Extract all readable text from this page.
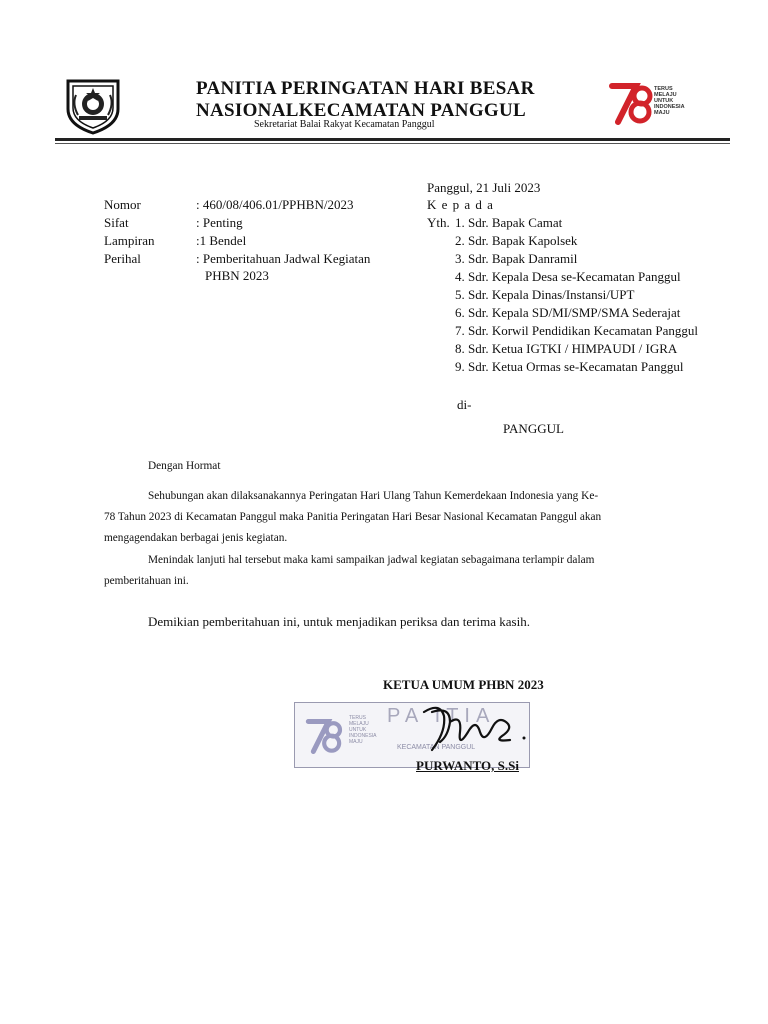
PANITIA PERINGATAN HARI BESAR
NASIONALKECAMATAN PANGGUL
Sekretariat Balai Rakyat Kecamatan Panggul
TERUS
MELAJU
UNTUK
INDONESIA
MAJU
Nomor	: 460/08/406.01/PPHBN/2023
Sifat	: Penting
Lampiran	:1 Bendel
Perihal	: Pemberitahuan Jadwal Kegiatan
PHBN 2023
Panggul, 21 Juli 2023
K e p a d a
Yth. 1. Sdr. Bapak Camat
2. Sdr. Bapak Kapolsek
3. Sdr. Bapak Danramil
4. Sdr. Kepala Desa se-Kecamatan Panggul
5. Sdr. Kepala Dinas/Instansi/UPT
6. Sdr. Kepala SD/MI/SMP/SMA Sederajat
7. Sdr. Korwil Pendidikan Kecamatan Panggul
8. Sdr. Ketua IGTKI / HIMPAUDI / IGRA
9. Sdr. Ketua Ormas se-Kecamatan Panggul
di-
PANGGUL
Dengan Hormat
Sehubungan akan dilaksanakannya Peringatan Hari Ulang Tahun Kemerdekaan Indonesia yang Ke-
78 Tahun 2023 di Kecamatan Panggul maka Panitia Peringatan Hari Besar Nasional Kecamatan Panggul akan
mengagendakan berbagai jenis kegiatan.
Menindak lanjuti hal tersebut maka kami sampaikan jadwal kegiatan sebagaimana terlampir dalam
pemberitahuan ini.
Demikian pemberitahuan ini, untuk menjadikan periksa dan terima kasih.
KETUA UMUM PHBN 2023
TERUS
MELAJU
UNTUK
INDONESIA
MAJU
PA ITIA
KECAMATAN PANGGUL
PURWANTO, S.Si
